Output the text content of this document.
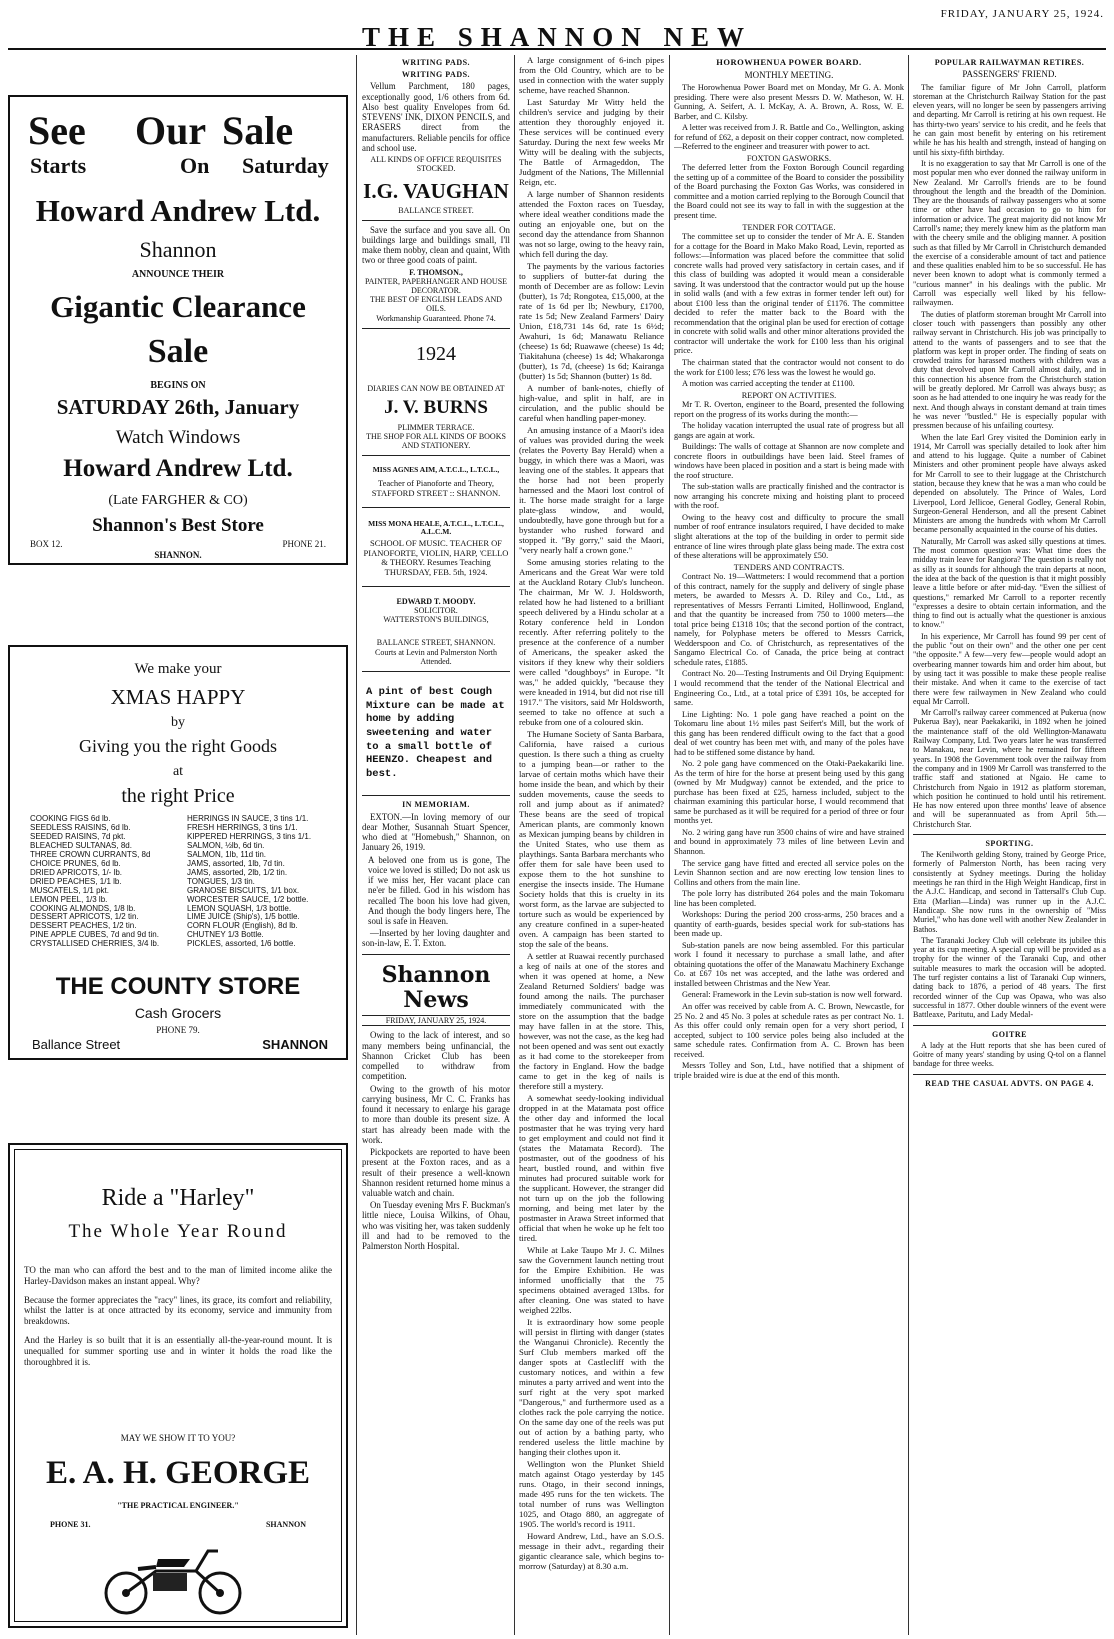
THE SHANNON NEW
FRIDAY, JANUARY 25, 1924.
See
Starts
Our
On
Sale
Saturday
Howard Andrew Ltd.
Shannon
ANNOUNCE THEIR
Gigantic Clearance
Sale
BEGINS ON
SATURDAY 26th, January
Watch Windows
Howard Andrew Ltd.
(Late FARGHER & CO)
Shannon's Best Store
BOX 12.	PHONE 21.
SHANNON.
We make your
XMAS HAPPY
by
Giving you the right Goods
at
the right Price
COOKING FIGS 6d lb.
SEEDLESS RAISINS, 6d lb.
SEEDED RAISINS, 7d pkt.
BLEACHED SULTANAS, 8d.
THREE CROWN CURRANTS, 8d
CHOICE PRUNES, 6d lb.
DRIED APRICOTS, 1/- lb.
DRIED PEACHES, 1/1 lb.
MUSCATELS, 1/1 pkt.
LEMON PEEL, 1/3 lb.
COOKING ALMONDS, 1/8 lb.
DESSERT APRICOTS, 1/2 tin.
DESSERT PEACHES, 1/2 tin.
PINE APPLE CUBES, 7d and 9d tin.
CRYSTALLISED CHERRIES, 3/4 lb.
HERRINGS IN SAUCE, 3 tins 1/1.
FRESH HERRINGS, 3 tins 1/1.
KIPPERED HERRINGS, 3 tins 1/1.
SALMON, ½lb, 6d tin.
SALMON, 1lb, 11d tin.
JAMS, assorted, 1lb, 7d tin.
JAMS, assorted, 2lb, 1/2 tin.
TONGUES, 1/3 tin.
GRANOSE BISCUITS, 1/1 box.
WORCESTER SAUCE, 1/2 bottle.
LEMON SQUASH, 1/3 bottle.
LIME JUICE (Ship's), 1/5 bottle.
CORN FLOUR (English), 8d lb.
CHUTNEY 1/3 Bottle.
PICKLES, assorted, 1/6 bottle.
THE COUNTY STORE
Cash Grocers
PHONE 79.
Ballance Street	SHANNON
Ride a "Harley"
The Whole Year Round

TO the man who can afford the best and to the man of limited income alike the Harley-Davidson makes an instant appeal. Why?

Because the former appreciates the "racy" lines, its grace, its comfort and reliability, whilst the latter is at once attracted by its economy, service and immunity from breakdowns.

And the Harley is so built that it is an essentially all-the-year-round mount. It is unequalled for summer sporting use and in winter it holds the road like the thoroughbred it is.

MAY WE SHOW IT TO YOU?
E. A. H. GEORGE
"THE PRACTICAL ENGINEER."
PHONE 31.	SHANNON
WRITING PADS.
WRITING PADS.

Vellum Parchment, 180 pages, exceptionally good, 1/6 others from 6d. Also best quality Envelopes from 6d. STEVENS' INK, DIXON PENCILS, and ERASERS direct from the manufacturers. Reliable pencils for office and school use.

ALL KINDS OF OFFICE REQUISITES STOCKED.
I.G. VAUGHAN
BALLANCE STREET.

Save the surface and you save all. On buildings large and buildings small, I'll make them nobby, clean and quaint, With two or three good coats of paint.

F. THOMSON.,
PAINTER, PAPERHANGER AND HOUSE DECORATOR.
THE BEST OF ENGLISH LEADS AND OILS.
Workmanship Guaranteed. Phone 74.
1924
DIARIES CAN NOW BE OBTAINED AT
J. V. BURNS
PLIMMER TERRACE.
THE SHOP FOR ALL KINDS OF BOOKS AND STATIONERY.
MISS AGNES AIM, A.T.C.L., L.T.C.L.,
Teacher of Pianoforte and Theory, STAFFORD STREET :: SHANNON.
MISS MONA HEALE, A.T.C.L., L.T.C.L., A.L.C.M.
SCHOOL OF MUSIC. TEACHER OF PIANOFORTE, VIOLIN, HARP, 'CELLO & THEORY. Resumes Teaching THURSDAY, FEB. 5th, 1924.
EDWARD T. MOODY.
SOLICITOR.
WATTERSTON'S BUILDINGS,
BALLANCE STREET, SHANNON.
Courts at Levin and Palmerston North Attended.
A pint of best Cough Mixture can be made at home by adding sweetening and water to a small bottle of HEENZO. Cheapest and best.
IN MEMORIAM.

EXTON.—In loving memory of our dear Mother, Susannah Stuart Spencer, who died at "Homebush," Shannon, on January 26, 1919.

A beloved one from us is gone, The voice we loved is stilled; Do not ask us if we miss her, Her vacant place can ne'er be filled. God in his wisdom has recalled The boon his love had given, And though the body lingers here, The soul is safe in Heaven.

—Inserted by her loving daughter and son-in-law, E. T. Exton.

Shannon News
FRIDAY, JANUARY 25, 1924.

Owing to the lack of interest, and so many members being unfinancial, the Shannon Cricket Club has been compelled to withdraw from competition.

Owing to the growth of his motor carrying business, Mr C. C. Franks has found it necessary to enlarge his garage to more than double its present size. A start has already been made with the work.

Pickpockets are reported to have been present at the Foxton races, and as a result of their presence a well-known Shannon resident returned home minus a valuable watch and chain.

On Tuesday evening Mrs F. Buckman's little niece, Louisa Wilkins, of Ohau, who was visiting her, was taken suddenly ill and had to be removed to the Palmerston North Hospital.

A large consignment of 6-inch pipes from the Old Country, which are to be used in connection with the water supply scheme, have reached Shannon.

Last Saturday Mr Witty held the children's service and judging by their attention they thoroughly enjoyed it. These services will be continued every Saturday. During the next few weeks Mr Witty will be dealing with the subjects, The Battle of Armageddon, The Judgment of the Nations, The Millennial Reign, etc.

A large number of Shannon residents attended the Foxton races on Tuesday, where ideal weather conditions made the outing an enjoyable one, but on the second day the attendance from Shannon was not so large, owing to the heavy rain, which fell during the day.

The payments by the various factories to suppliers of butter-fat during the month of December are as follow: Levin (butter), 1s 7d; Rongotea, £15,000, at the rate of 1s 6d per lb; Newbury, £1700, rate 1s 5d; New Zealand Farmers' Dairy Union, £18,731 14s 6d, rate 1s 6½d; Awahuri, 1s 6d; Manawatu Reliance (cheese) 1s 6d; Ruawawe (cheese) 1s 4d; Tiakitahuna (cheese) 1s 4d; Whakaronga (butter), 1s 7d, (cheese) 1s 6d; Kairanga (butter) 1s 5d; Shannon (butter) 1s 8d.

A number of bank-notes, chiefly of high-value, and split in half, are in circulation, and the public should be careful when handling paper-money.

An amusing instance of a Maori's idea of values was provided during the week (relates the Poverty Bay Herald) when a buggy, in which there was a Maori, was leaving one of the stables. It appears that the horse had not been properly harnessed and the Maori lost control of it. The horse made straight for a large plate-glass window, and would, undoubtedly, have gone through but for a bystander who rushed forward and stopped it. "By gorry," said the Maori, "very nearly half a crown gone."

Some amusing stories relating to the Americans and the Great War were told at the Auckland Rotary Club's luncheon. The chairman, Mr W. J. Holdsworth, related how he had listened to a brilliant speech delivered by a Hindu scholar at a Rotary conference held in London recently. After referring politely to the presence at the conference of a number of Americans, the speaker asked the visitors if they knew why their soldiers were called "doughboys" in Europe. "It was," he added quickly, "because they were kneaded in 1914, but did not rise till 1917." The visitors, said Mr Holdsworth, seemed to take no offence at such a rebuke from one of a coloured skin.

The Humane Society of Santa Barbara, California, have raised a curious question. Is there such a thing as cruelty to a jumping bean—or rather to the larvae of certain moths which have their home inside the bean, and which by their sudden movements, cause the seeds to roll and jump about as if animated? These beans are the seed of tropical American plants, are commonly known as Mexican jumping beans by children in the United States, who use them as playthings. Santa Barbara merchants who offer them for sale have been used to expose them to the hot sunshine to energise the insects inside. The Humane Society holds that this is cruelty in its worst form, as the larvae are subjected to torture such as would be experienced by any creature confined in a super-heated oven. A campaign has been started to stop the sale of the beans.

A settler at Ruawai recently purchased a keg of nails at one of the stores and when it was opened at home, a New Zealand Returned Soldiers' badge was found among the nails. The purchaser immediately communicated with the store on the assumption that the badge may have fallen in at the store. This, however, was not the case, as the keg had not been opened and was sent out exactly as it had come to the storekeeper from the factory in England. How the badge came to get in the keg of nails is therefore still a mystery.

A somewhat seedy-looking individual dropped in at the Matamata post office the other day and informed the local postmaster that he was trying very hard to get employment and could not find it (states the Matamata Record). The postmaster, out of the goodness of his heart, bustled round, and within five minutes had procured suitable work for the supplicant. However, the stranger did not turn up on the job the following morning, and being met later by the postmaster in Arawa Street informed that official that when he woke up he felt too tired.

While at Lake Taupo Mr J. C. Milnes saw the Government launch netting trout for the Empire Exhibition. He was informed unofficially that the 75 specimens obtained averaged 13lbs. for after cleaning. One was stated to have weighed 22lbs.

It is extraordinary how some people will persist in flirting with danger (states the Wanganui Chronicle). Recently the Surf Club members marked off the danger spots at Castlecliff with the customary notices, and within a few minutes a party arrived and went into the surf right at the very spot marked "Dangerous," and furthermore used as a clothes rack the pole carrying the notice. On the same day one of the reels was put out of action by a bathing party, who rendered useless the little machine by hanging their clothes upon it.

Wellington won the Plunket Shield match against Otago yesterday by 145 runs. Otago, in their second innings, made 495 runs for the ten wickets. The total number of runs was Wellington 1025, and Otago 880, an aggregate of 1905. The world's record is 1911.

Howard Andrew, Ltd., have an S.O.S. message in their advt., regarding their gigantic clearance sale, which begins to-morrow (Saturday) at 8.30 a.m.

HOROWHENUA POWER BOARD.
MONTHLY MEETING.

The Horowhenua Power Board met on Monday, Mr G. A. Monk presiding. There were also present Messrs D. W. Matheson, W. H. Gunning, A. Seifert, A. I. McKay, A. A. Brown, A. Ross, W. E. Barber, and C. Kilsby.

A letter was received from J. R. Battle and Co., Wellington, asking for refund of £62, a deposit on their copper contract, now completed.—Referred to the engineer and treasurer with power to act.

FOXTON GASWORKS.

The deferred letter from the Foxton Borough Council regarding the setting up of a committee of the Board to consider the possibility of the Board purchasing the Foxton Gas Works, was considered in committee and a motion carried replying to the Borough Council that the Board could not see its way to fall in with the suggestion at the present time.

TENDER FOR COTTAGE.

The committee set up to consider the tender of Mr A. E. Standen for a cottage for the Board in Mako Mako Road, Levin, reported as follows:—Information was placed before the committee that solid concrete walls had proved very satisfactory in certain cases, and if this class of building was adopted it would mean a considerable saving. It was understood that the contractor would put up the house in solid walls (and with a few extras in former tender left out) for about £100 less than the original tender of £1176. The committee decided to refer the matter back to the Board with the recommendation that the original plan be used for erection of cottage in concrete with solid walls and other minor alterations provided the contractor will undertake the work for £100 less than his original price.

The chairman stated that the contractor would not consent to do the work for £100 less; £76 less was the lowest he would go.

A motion was carried accepting the tender at £1100.

REPORT ON ACTIVITIES.

Mr T. R. Overton, engineer to the Board, presented the following report on the progress of its works during the month:—

The holiday vacation interrupted the usual rate of progress but all gangs are again at work.

Buildings: The walls of cottage at Shannon are now complete and concrete floors in outbuildings have been laid. Steel frames of windows have been placed in position and a start is being made with the roof structure.

The sub-station walls are practically finished and the contractor is now arranging his concrete mixing and hoisting plant to proceed with the roof.

Owing to the heavy cost and difficulty to procure the small number of roof entrance insulators required, I have decided to make slight alterations at the top of the building in order to permit side entrance of line wires through plate glass being made. The extra cost of these alterations will be approximately £50.

TENDERS AND CONTRACTS.

Contract No. 19—Wattmeters: I would recommend that a portion of this contract, namely for the supply and delivery of single phase meters, be awarded to Messrs A. D. Riley and Co., Ltd., as representatives of Messrs Ferranti Limited, Hollinwood, England, and that the quantity be increased from 750 to 1000 meters—the total price being £1318 10s; that the second portion of the contract, namely, for Polyphase meters be offered to Messrs Carrick, Wedderspoon and Co. of Christchurch, as representatives of the Sangamo Electrical Co. of Canada, the price being at contract schedule rates, £1885.

Contract No. 20—Testing Instruments and Oil Drying Equipment: I would recommend that the tender of the National Electrical and Engineering Co., Ltd., at a total price of £391 10s, be accepted for same.

Line Lighting: No. 1 pole gang have reached a point on the Tokomaru line about 1½ miles past Seifert's Mill, but the work of this gang has been rendered difficult owing to the fact that a good deal of wet country has been met with, and many of the poles have had to be stiffened some distance by hand.

No. 2 pole gang have commenced on the Otaki-Paekakariki line. As the term of hire for the horse at present being used by this gang (owned by Mr Mudgway) cannot be extended, and the price to purchase has been fixed at £25, harness included, subject to the chairman examining this particular horse, I would recommend that same be purchased as it will be required for a period of three or four months yet.

No. 2 wiring gang have run 3500 chains of wire and have strained and bound in approximately 73 miles of line between Levin and Shannon.

The service gang have fitted and erected all service poles on the Levin Shannon section and are now erecting low tension lines to Collins and others from the main line.

The pole lorry has distributed 264 poles and the main Tokomaru line has been completed.

Workshops: During the period 200 cross-arms, 250 braces and a quantity of earth-guards, besides special work for sub-stations has been made up.

Sub-station panels are now being assembled. For this particular work I found it necessary to purchase a small lathe, and after obtaining quotations the offer of the Manawatu Machinery Exchange Co. at £67 10s net was accepted, and the lathe was ordered and installed between Christmas and the New Year.

General: Framework in the Levin sub-station is now well forward.

An offer was received by cable from A. C. Brown, Newcastle, for 25 No. 2 and 45 No. 3 poles at schedule rates as per contract No. 1. As this offer could only remain open for a very short period, I accepted, subject to 100 service poles being also included at the same schedule rates. Confirmation from A. C. Brown has been received.

Messrs Tolley and Son, Ltd., have notified that a shipment of triple braided wire is due at the end of this month.

POPULAR RAILWAYMAN RETIRES.
PASSENGERS' FRIEND.

The familiar figure of Mr John Carroll, platform storeman at the Christchurch Railway Station for the past eleven years, will no longer be seen by passengers arriving and departing. Mr Carroll is retiring at his own request. He has thirty-two years' service to his credit, and he feels that he can gain most benefit by entering on his retirement while he has his health and strength, instead of hanging on until his sixty-fifth birthday.

It is no exaggeration to say that Mr Carroll is one of the most popular men who ever donned the railway uniform in New Zealand. Mr Carroll's friends are to be found throughout the length and the breadth of the Dominion. They are the thousands of railway passengers who at some time or other have had occasion to go to him for information or advice. The great majority did not know Mr Carroll's name; they merely knew him as the platform man with the cheery smile and the obliging manner. A position such as that filled by Mr Carroll in Christchurch demanded the exercise of a considerable amount of tact and patience and these qualities enabled him to be so successful. He has never been known to adopt what is commonly termed a "curious manner" in his dealings with the public. Mr Carroll was especially well liked by his fellow-railwaymen.

The duties of platform storeman brought Mr Carroll into closer touch with passengers than possibly any other railway servant in Christchurch. His job was principally to attend to the wants of passengers and to see that the platform was kept in proper order. The finding of seats on crowded trains for harassed mothers with children was a duty that devolved upon Mr Carroll almost daily, and in this connection his absence from the Christchurch station will be greatly deplored. Mr Carroll was always busy; as soon as he had attended to one inquiry he was ready for the next. And though always in constant demand at train times he was never "bustled." He is especially popular with pressmen because of his unfailing courtesy.

When the late Earl Grey visited the Dominion early in 1914, Mr Carroll was specially detailed to look after him and attend to his luggage. Quite a number of Cabinet Ministers and other prominent people have always asked for Mr Carroll to see to their luggage at the Christchurch station, because they knew that he was a man who could be depended on absolutely. The Prince of Wales, Lord Liverpool, Lord Jellicoe, General Godley, General Robin, Surgeon-General Henderson, and all the present Cabinet Ministers are among the hundreds with whom Mr Carroll became personally acquainted in the course of his duties.

Naturally, Mr Carroll was asked silly questions at times. The most common question was: What time does the midday train leave for Rangiora? The question is really not as silly as it sounds for although the train departs at noon, the idea at the back of the question is that it might possibly leave a little before or after mid-day. "Even the silliest of questions," remarked Mr Carroll to a reporter recently "expresses a desire to obtain certain information, and the thing to find out is actually what the questioner is anxious to know."

In his experience, Mr Carroll has found 99 per cent of the public "out on their own" and the other one per cent "the opposite." A few—very few—people would adopt an overbearing manner towards him and order him about, but by using tact it was possible to make these people realise their mistake. And when it came to the exercise of tact there were few railwaymen in New Zealand who could equal Mr Carroll.

Mr Carroll's railway career commenced at Pukerua (now Pukerua Bay), near Paekakariki, in 1892 when he joined the maintenance staff of the old Wellington-Manawatu Railway Company, Ltd. Two years later he was transferred to Manakau, near Levin, where he remained for fifteen years. In 1908 the Government took over the railway from the company and in 1909 Mr Carroll was transferred to the traffic staff and stationed at Ngaio. He came to Christchurch from Ngaio in 1912 as platform storeman, which position he continued to hold until his retirement. He has now entered upon three months' leave of absence and will be superannuated as from April 5th.—Christchurch Star.

SPORTING.

The Kenilworth gelding Stony, trained by George Price, formerly of Palmerston North, has been racing very consistently at Sydney meetings. During the holiday meetings he ran third in the High Weight Handicap, first in the A.J.C. Handicap, and second in Tattersall's Club Cup. Etta (Marlian—Linda) was runner up in the A.J.C. Handicap. She now runs in the ownership of "Miss Muriel," who has done well with another New Zealander in Bathos.

The Taranaki Jockey Club will celebrate its jubilee this year at its cup meeting. A special cup will be provided as a trophy for the winner of the Taranaki Cup, and other suitable measures to mark the occasion will be adopted. The turf register contains a list of Taranaki Cup winners, dating back to 1876, a period of 48 years. The first recorded winner of the Cup was Opawa, who was also successful in 1877. Other double winners of the event were Battleaxe, Paritutu, and Lady Medal-

GOITRE

A lady at the Hutt reports that she has been cured of Goitre of many years' standing by using Q-tol on a flannel bandage for three weeks.

READ THE CASUAL ADVTS. ON PAGE 4.
